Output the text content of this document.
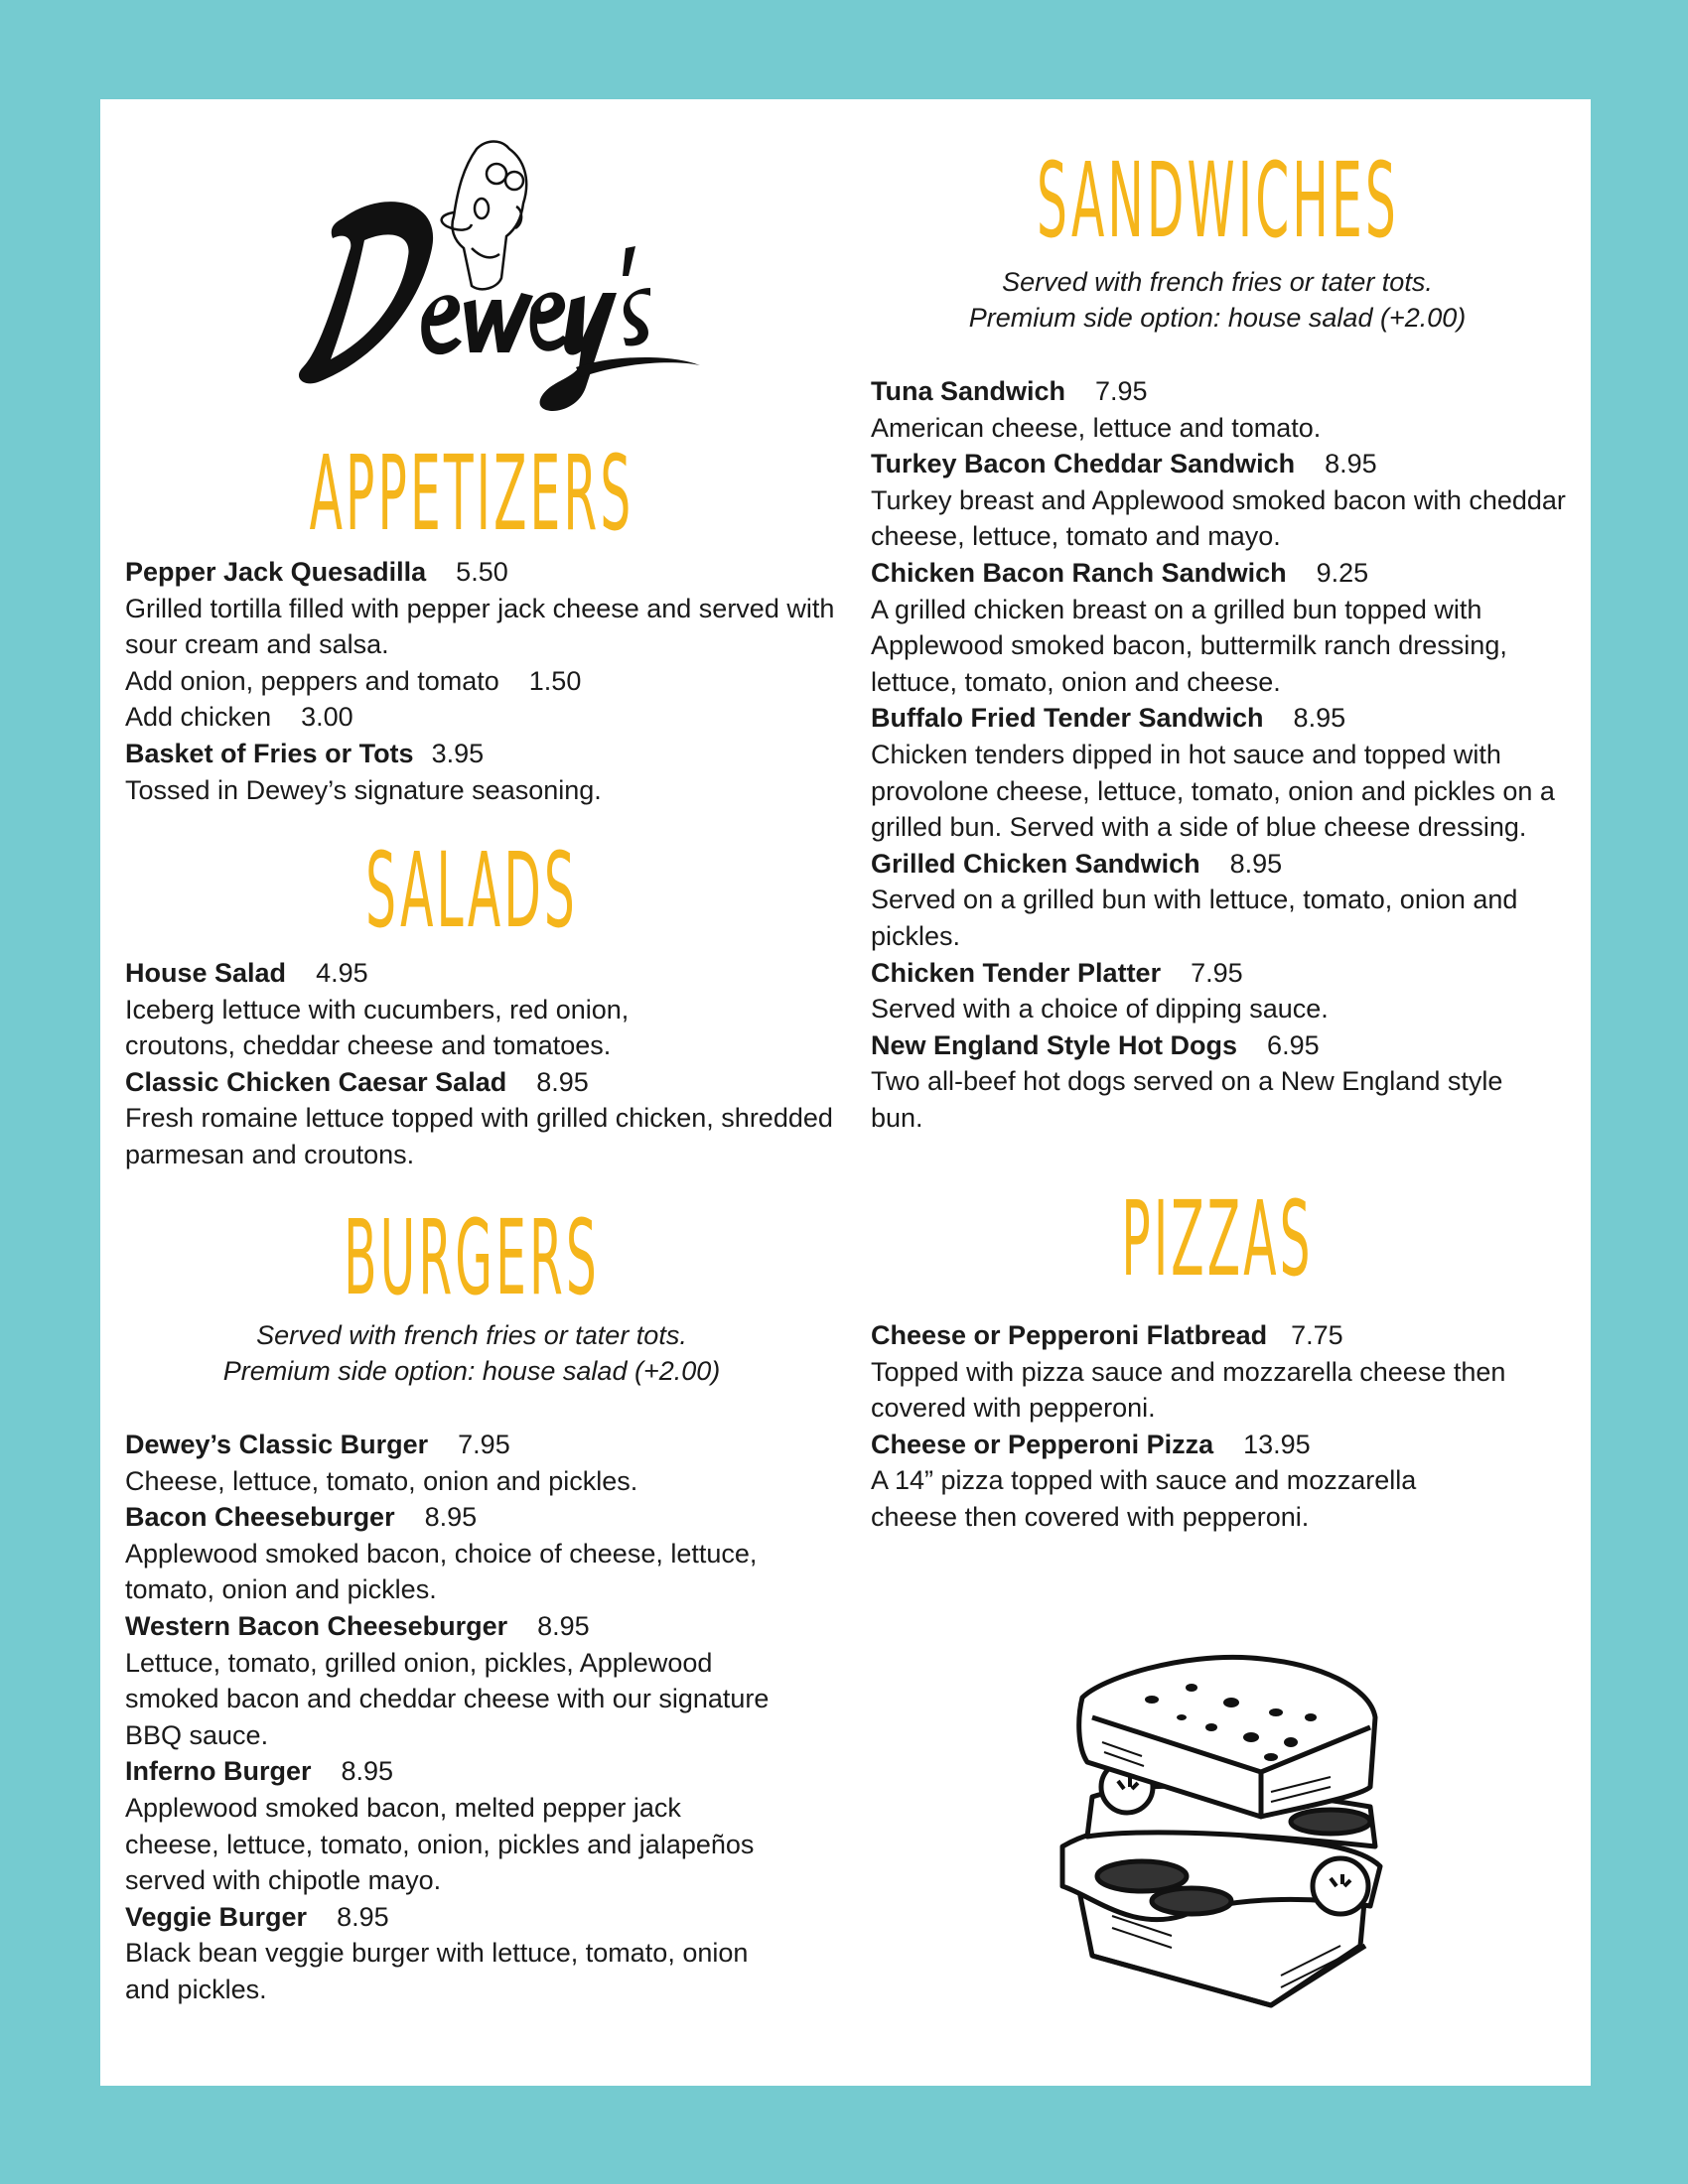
APPETIZERS
Pepper Jack Quesadilla 5.50
Grilled tortilla filled with pepper jack cheese and served with sour cream and salsa.
Add onion, peppers and tomato 1.50
Add chicken 3.00
Basket of Fries or Tots 3.95
Tossed in Dewey’s signature seasoning.
SALADS
House Salad 4.95
Iceberg lettuce with cucumbers, red onion, croutons, cheddar cheese and tomatoes.
Classic Chicken Caesar Salad 8.95
Fresh romaine lettuce topped with grilled chicken, shredded parmesan and croutons.
BURGERS

Served with french fries or tater tots.
Premium side option: house salad (+2.00)

Dewey’s Classic Burger 7.95
Cheese, lettuce, tomato, onion and pickles.
Bacon Cheeseburger 8.95
Applewood smoked bacon, choice of cheese, lettuce, tomato, onion and pickles.
Western Bacon Cheeseburger 8.95
Lettuce, tomato, grilled onion, pickles, Applewood smoked bacon and cheddar cheese with our signature BBQ sauce.
Inferno Burger 8.95
Applewood smoked bacon, melted pepper jack cheese, lettuce, tomato, onion, pickles and jalapeños served with chipotle mayo.
Veggie Burger 8.95
Black bean veggie burger with lettuce, tomato, onion and pickles.
SANDWICHES

Served with french fries or tater tots.
Premium side option: house salad (+2.00)

Tuna Sandwich 7.95
American cheese, lettuce and tomato.
Turkey Bacon Cheddar Sandwich 8.95
Turkey breast and Applewood smoked bacon with cheddar cheese, lettuce, tomato and mayo.
Chicken Bacon Ranch Sandwich 9.25
A grilled chicken breast on a grilled bun topped with Applewood smoked bacon, buttermilk ranch dressing, lettuce, tomato, onion and cheese.
Buffalo Fried Tender Sandwich 8.95
Chicken tenders dipped in hot sauce and topped with provolone cheese, lettuce, tomato, onion and pickles on a grilled bun. Served with a side of blue cheese dressing.
Grilled Chicken Sandwich 8.95
Served on a grilled bun with lettuce, tomato, onion and pickles.
Chicken Tender Platter 7.95
Served with a choice of dipping sauce.
New England Style Hot Dogs 6.95
Two all-beef hot dogs served on a New England style bun.
PIZZAS
Cheese or Pepperoni Flatbread 7.75
Topped with pizza sauce and mozzarella cheese then covered with pepperoni.
Cheese or Pepperoni Pizza 13.95
A 14” pizza topped with sauce and mozzarella cheese then covered with pepperoni.
